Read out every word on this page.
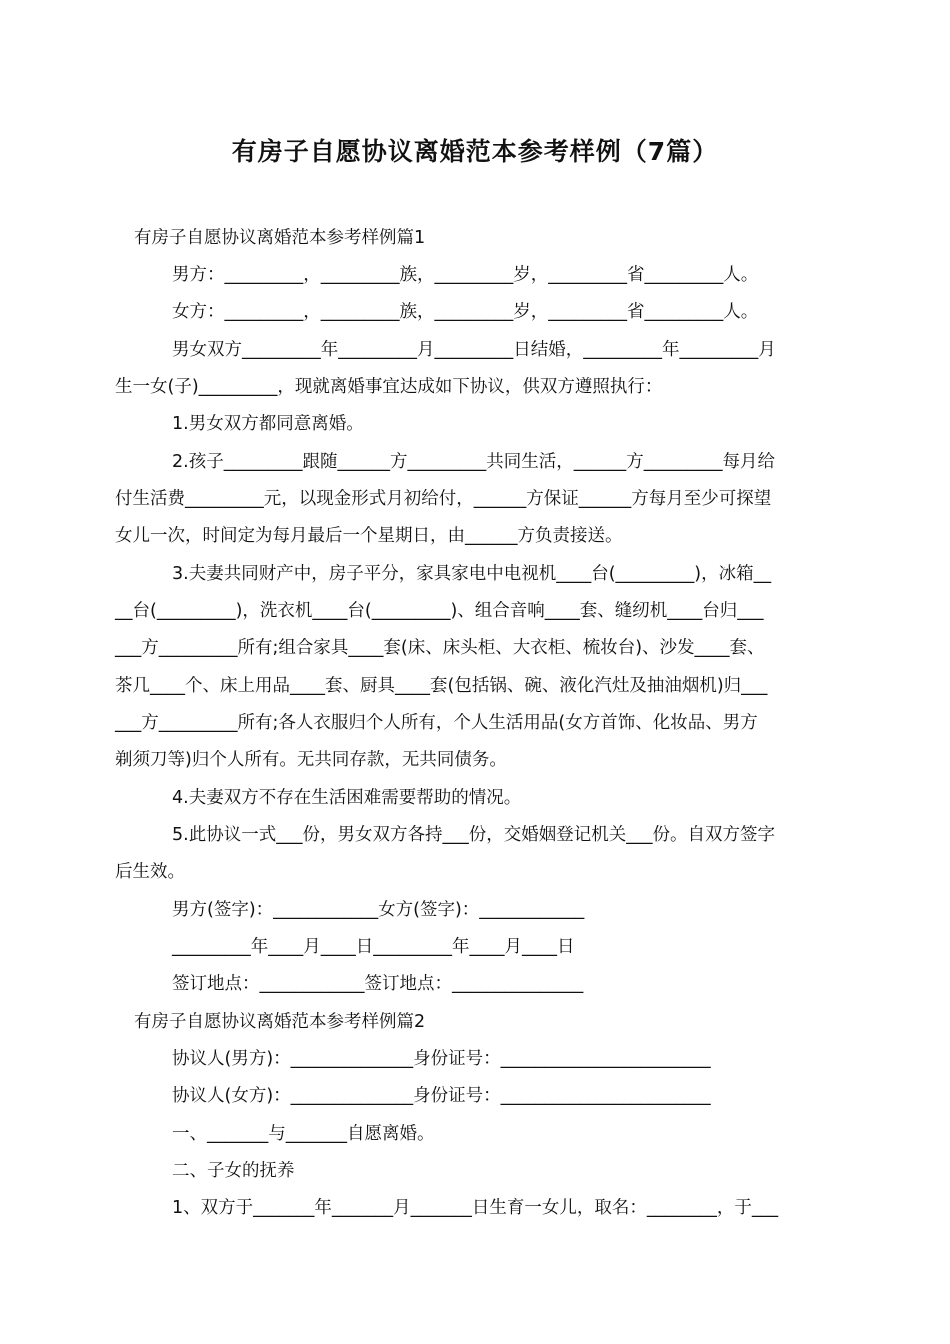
有房子自愿协议离婚范本参考样例（7篇）

有房子自愿协议离婚范本参考样例篇1

男方：_________，_________族，_________岁，_________省_________人。

女方：_________，_________族，_________岁，_________省_________人。

男女双方_________年_________月_________日结婚，_________年_________月

生一女(子)_________，现就离婚事宜达成如下协议，供双方遵照执行：

1.男女双方都同意离婚。

2.孩子_________跟随______方_________共同生活，______方_________每月给

付生活费_________元，以现金形式月初给付，______方保证______方每月至少可探望

女儿一次，时间定为每月最后一个星期日，由______方负责接送。

3.夫妻共同财产中，房子平分，家具家电中电视机____台(_________)，冰箱__

__台(_________)，洗衣机____台(_________)、组合音响____套、缝纫机____台归___

___方_________所有;组合家具____套(床、床头柜、大衣柜、梳妆台)、沙发____套、

茶几____个、床上用品____套、厨具____套(包括锅、碗、液化汽灶及抽油烟机)归___

___方_________所有;各人衣服归个人所有，个人生活用品(女方首饰、化妆品、男方

剃须刀等)归个人所有。无共同存款，无共同债务。

4.夫妻双方不存在生活困难需要帮助的情况。

5.此协议一式___份，男女双方各持___份，交婚姻登记机关___份。自双方签字

后生效。

男方(签字)：____________女方(签字)：____________

_________年____月____日_________年____月____日

签订地点：____________签订地点：_______________

有房子自愿协议离婚范本参考样例篇2

协议人(男方)：______________身份证号：________________________

协议人(女方)：______________身份证号：________________________

一、_______与_______自愿离婚。

二、子女的抚养

1、双方于_______年_______月_______日生育一女儿，取名：________，于___
